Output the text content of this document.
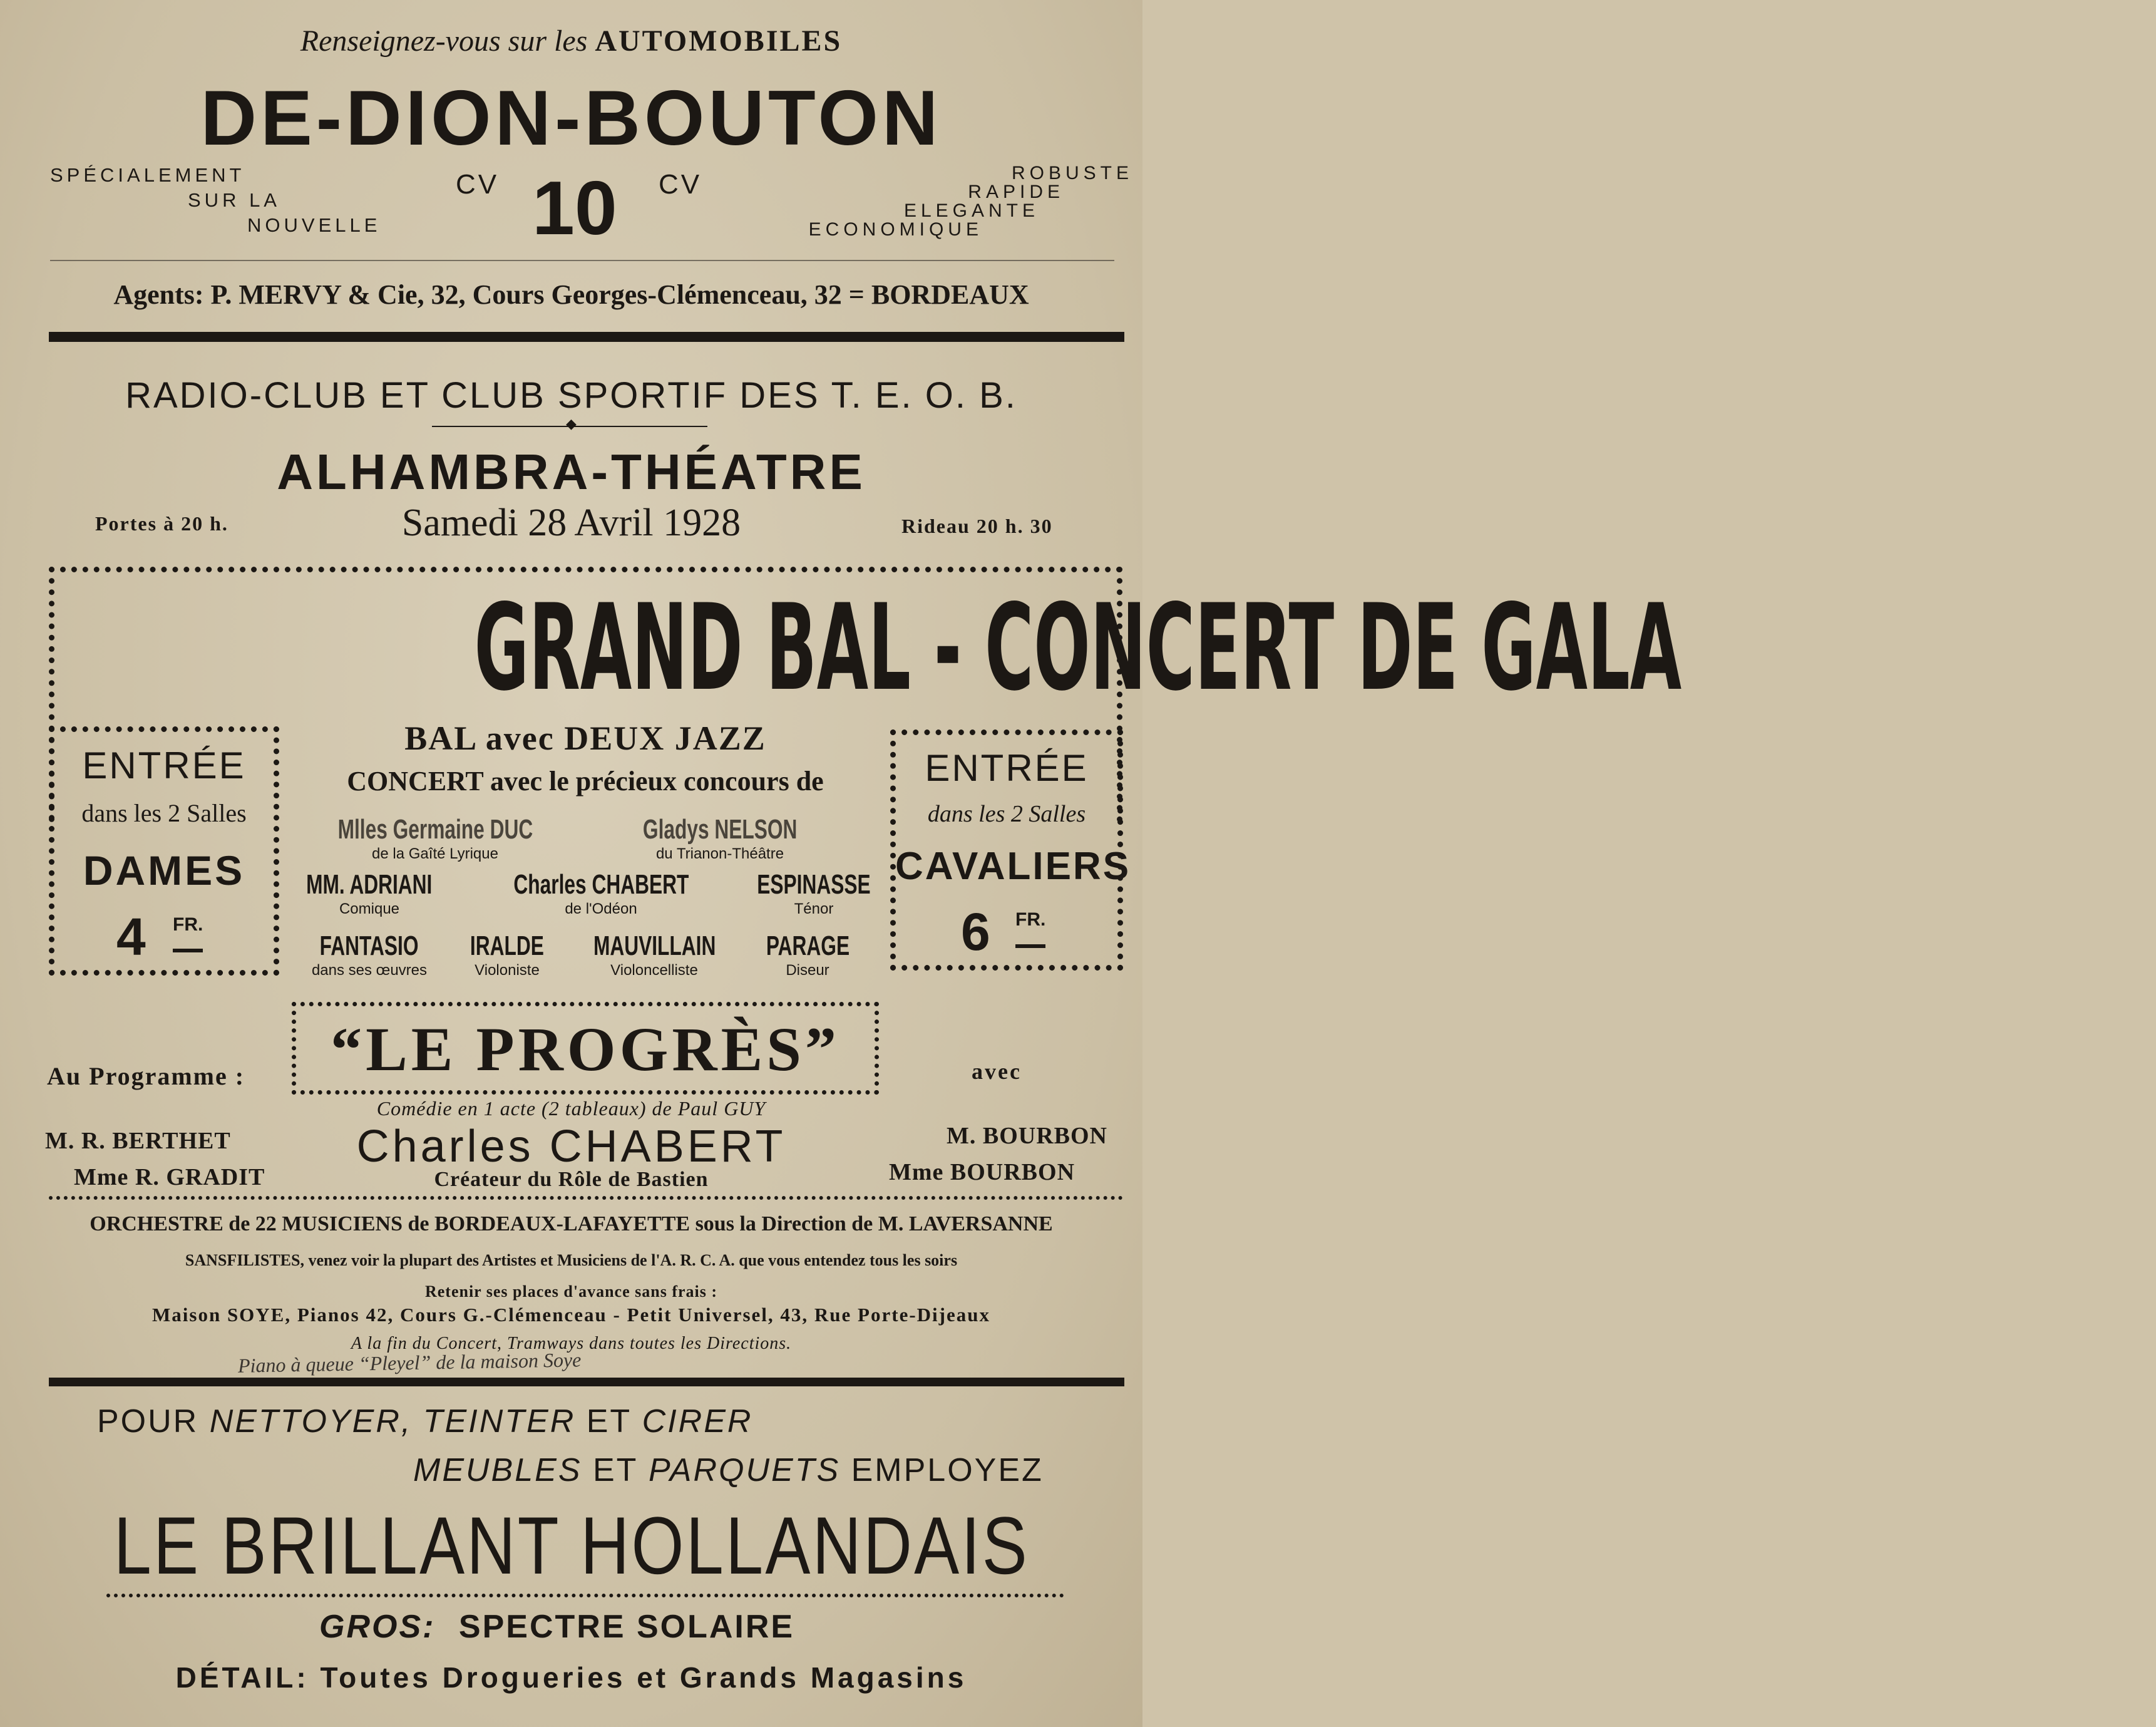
Renseignez-vous sur les AUTOMOBILES
DE-DION-BOUTON
SPÉCIALEMENT
SUR LA
NOUVELLE
CV 10 CV	ROBUSTE
RAPIDE
ELEGANTE
ECONOMIQUE
Agents: P. MERVY & Cie, 32, Cours Georges-Clémenceau, 32 = BORDEAUX
RADIO-CLUB ET CLUB SPORTIF DES T. E. O. B.
◆
ALHAMBRA-THÉATRE
Portes à 20 h.	Samedi 28 Avril 1928	Rideau 20 h. 30
GRAND BAL - CONCERT DE GALA
ENTRÉE
dans les 2 Salles
DAMES
4 FR.
ENTRÉE
dans les 2 Salles
CAVALIERS
6 FR.
BAL avec DEUX JAZZ
CONCERT avec le précieux concours de
Mlles Germaine DUC
de la Gaîté Lyrique
Gladys NELSON
du Trianon-Théâtre
MM. ADRIANI
Comique
Charles CHABERT
de l'Odéon
ESPINASSE
Ténor
FANTASIO
dans ses œuvres
IRALDE
Violoniste
MAUVILLAIN
Violoncelliste
PARAGE
Diseur
Au Programme :	“LE PROGRÈS”	avec
Comédie en 1 acte (2 tableaux) de Paul GUY
M. R. BERTHET
Mme R. GRADIT
Charles CHABERT
Créateur du Rôle de Bastien
M. BOURBON
Mme BOURBON
ORCHESTRE de 22 MUSICIENS de BORDEAUX-LAFAYETTE sous la Direction de M. LAVERSANNE
SANSFILISTES, venez voir la plupart des Artistes et Musiciens de l'A. R. C. A. que vous entendez tous les soirs
Retenir ses places d'avance sans frais :
Maison SOYE, Pianos 42, Cours G.-Clémenceau - Petit Universel, 43, Rue Porte-Dijeaux
A la fin du Concert, Tramways dans toutes les Directions.
Piano à queue “Pleyel” de la maison Soye
POUR NETTOYER, TEINTER ET CIRER
MEUBLES ET PARQUETS EMPLOYEZ
LE BRILLANT HOLLANDAIS
GROS: SPECTRE SOLAIRE
DÉTAIL: Toutes Drogueries et Grands Magasins
